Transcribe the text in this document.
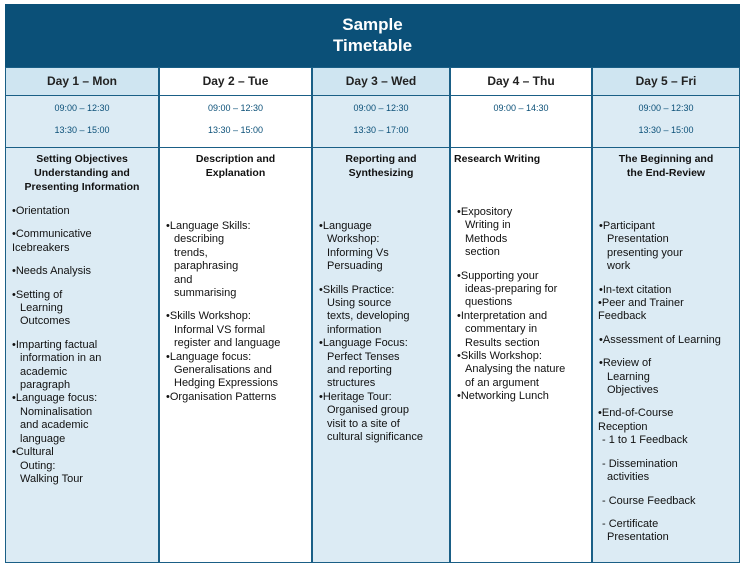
Sample
Timetable
Day 1 – Mon
09:00 – 12:30
13:30 – 15:00
Setting Objectives
Understanding and
Presenting Information
•Orientation
•Communicative
Icebreakers
•Needs Analysis
•Setting of
Learning
Outcomes
•Imparting factual
information in an
academic
paragraph
•Language focus:
Nominalisation
and academic
language
•Cultural
Outing:
Walking Tour
Day 2 – Tue
09:00 – 12:30
13:30 – 15:00
Description and
Explanation
•Language Skills:
describing
trends,
paraphrasing
and
summarising
•Skills Workshop:
Informal VS formal
register and language
•Language focus:
Generalisations and
Hedging Expressions
•Organisation Patterns
Day 3 – Wed
09:00 – 12:30
13:30 – 17:00
Reporting and
Synthesizing
•Language
Workshop:
Informing Vs
Persuading
•Skills Practice:
Using source
texts, developing
information
•Language Focus:
Perfect Tenses
and reporting
structures
•Heritage Tour:
Organised group
visit to a site of
cultural significance
Day 4 – Thu
09:00 – 14:30
Research Writing
•Expository
Writing in
Methods
section
•Supporting your
ideas-preparing for
questions
•Interpretation and
commentary in
Results section
•Skills Workshop:
Analysing the nature
of an argument
•Networking Lunch
Day 5 – Fri
09:00 – 12:30
13:30 – 15:00
The Beginning and
the End-Review
•Participant
Presentation
presenting your
work
•In-text citation
•Peer and Trainer
Feedback
•Assessment of Learning
•Review of
Learning
Objectives
•End-of-Course
Reception
- 1 to 1 Feedback
- Dissemination
activities
- Course Feedback
- Certificate
Presentation
